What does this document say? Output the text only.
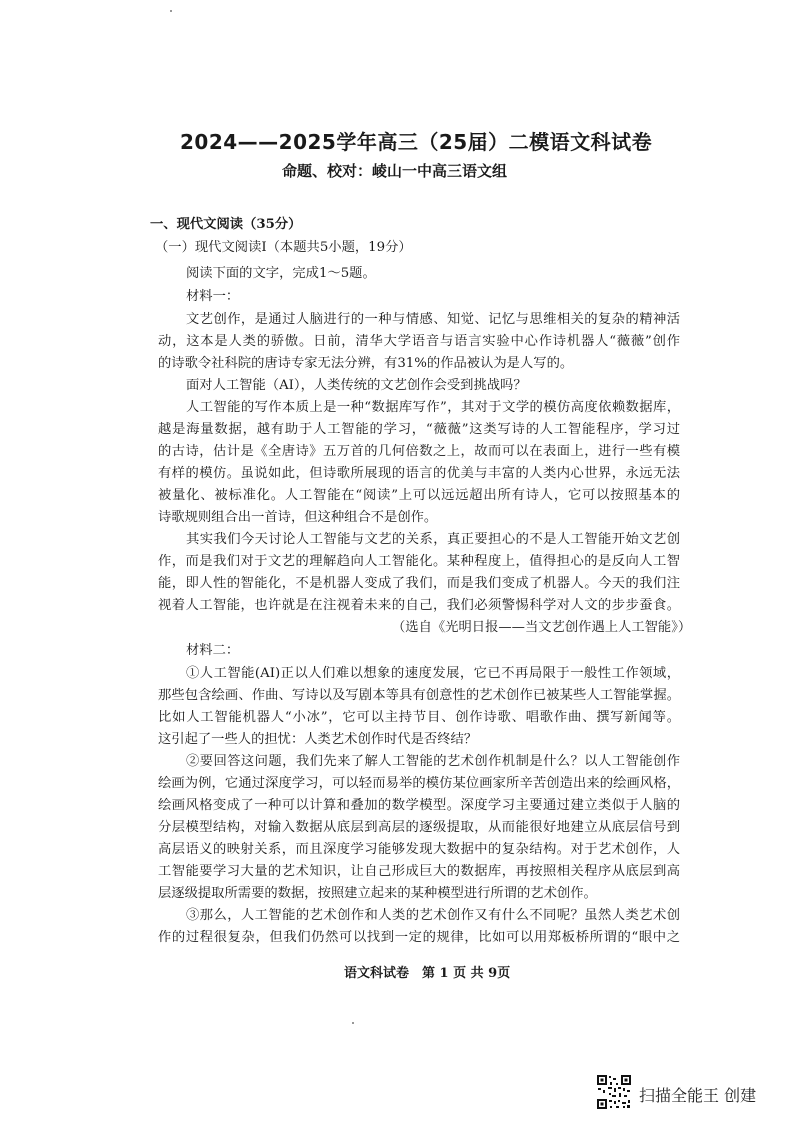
2024——2025学年高三（25届）二模语文科试卷
命题、校对：崚山一中高三语文组
一、现代文阅读（35分）
（一）现代文阅读Ⅰ（本题共5小题，19分）
阅读下面的文字，完成1～5题。
材料一：
文艺创作，是通过人脑进行的一种与情感、知觉、记忆与思维相关的复杂的精神活
动，这本是人类的骄傲。日前，清华大学语音与语言实验中心作诗机器人“薇薇”创作
的诗歌令社科院的唐诗专家无法分辨，有31%的作品被认为是人写的。
面对人工智能（AI），人类传统的文艺创作会受到挑战吗？
人工智能的写作本质上是一种“数据库写作”，其对于文学的模仿高度依赖数据库，
越是海量数据，越有助于人工智能的学习，“薇薇”这类写诗的人工智能程序，学习过
的古诗，估计是《全唐诗》五万首的几何倍数之上，故而可以在表面上，进行一些有模
有样的模仿。虽说如此，但诗歌所展现的语言的优美与丰富的人类内心世界，永远无法
被量化、被标准化。人工智能在“阅读”上可以远远超出所有诗人，它可以按照基本的
诗歌规则组合出一首诗，但这种组合不是创作。
其实我们今天讨论人工智能与文艺的关系，真正要担心的不是人工智能开始文艺创
作，而是我们对于文艺的理解趋向人工智能化。某种程度上，值得担心的是反向人工智
能，即人性的智能化，不是机器人变成了我们，而是我们变成了机器人。今天的我们注
视着人工智能，也许就是在注视着未来的自己，我们必须警惕科学对人文的步步蚕食。
（选自《光明日报——当文艺创作遇上人工智能》）
材料二：
①人工智能(AI)正以人们难以想象的速度发展，它已不再局限于一般性工作领域，
那些包含绘画、作曲、写诗以及写剧本等具有创意性的艺术创作已被某些人工智能掌握。
比如人工智能机器人“小冰”，它可以主持节目、创作诗歌、唱歌作曲、撰写新闻等。
这引起了一些人的担忧：人类艺术创作时代是否终结？
②要回答这问题，我们先来了解人工智能的艺术创作机制是什么？以人工智能创作
绘画为例，它通过深度学习，可以轻而易举的模仿某位画家所辛苦创造出来的绘画风格，
绘画风格变成了一种可以计算和叠加的数学模型。深度学习主要通过建立类似于人脑的
分层模型结构，对输入数据从底层到高层的逐级提取，从而能很好地建立从底层信号到
高层语义的映射关系，而且深度学习能够发现大数据中的复杂结构。对于艺术创作，人
工智能要学习大量的艺术知识，让自己形成巨大的数据库，再按照相关程序从底层到高
层逐级提取所需要的数据，按照建立起来的某种模型进行所谓的艺术创作。
③那么，人工智能的艺术创作和人类的艺术创作又有什么不同呢？虽然人类艺术创
作的过程很复杂，但我们仍然可以找到一定的规律，比如可以用郑板桥所谓的“眼中之
语文科试卷　第 1 页 共 9页
扫描全能王 创建
